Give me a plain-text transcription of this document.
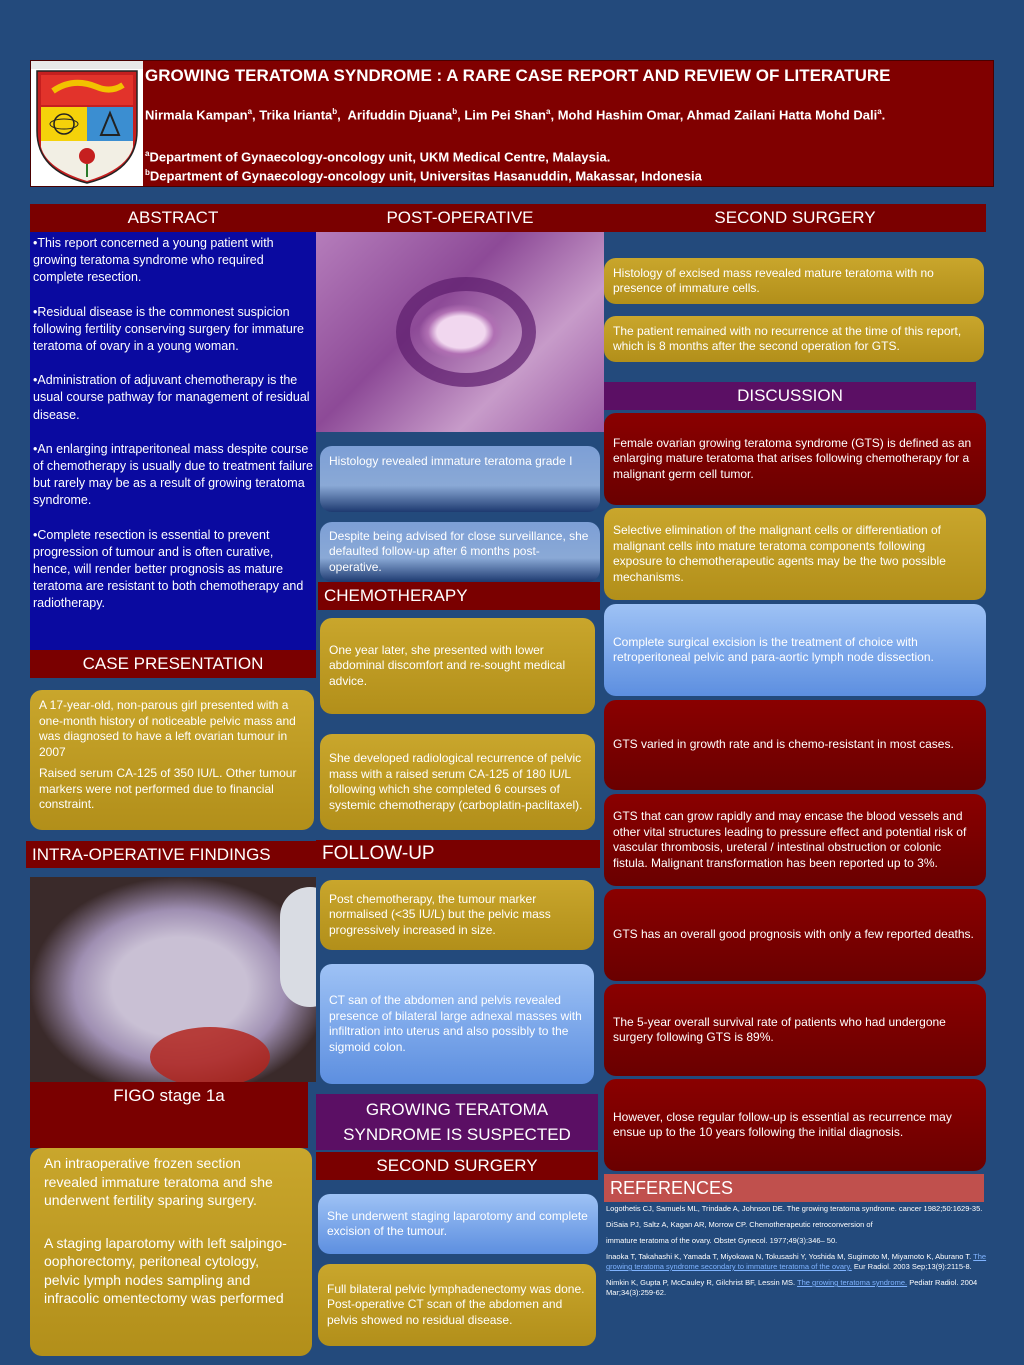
GROWING TERATOMA SYNDROME : A RARE CASE REPORT AND REVIEW OF LITERATURE
Nirmala Kampan$^a$, Trika Irianta$^b$,  Arifuddin Djuana$^b$, Lim Pei Shan$^a$, Mohd Hashim Omar, Ahmad Zailani Hatta Mohd Dali$^a$.
$^a$Department of Gynaecology-oncology unit, UKM Medical Centre, Malaysia.
$^b$Department of Gynaecology-oncology unit, Universitas Hasanuddin, Makassar, Indonesia
ABSTRACT

•This report concerned a young patient with growing teratoma syndrome who required complete resection.

•Residual disease is the commonest suspicion following fertility conserving surgery for immature teratoma of ovary in a young woman.

•Administration of adjuvant chemotherapy is the usual course pathway for management of residual disease.

•An enlarging intraperitoneal mass despite course of chemotherapy is usually due to treatment failure but rarely may be as a result of growing teratoma syndrome.

•Complete resection is essential to prevent progression of tumour and is often curative, hence, will render better prognosis as mature teratoma are resistant to both chemotherapy and radiotherapy.

CASE PRESENTATION

A 17-year-old, non-parous girl presented with a one-month history of noticeable pelvic mass and was diagnosed to have a left ovarian tumour in 2007

Raised serum CA-125 of 350 IU/L. Other tumour markers were not performed due to financial constraint.

INTRA-OPERATIVE FINDINGS
FIGO stage 1a

An intraoperative frozen section revealed immature teratoma and she underwent fertility sparing surgery.

A staging laparotomy with left salpingo-oophorectomy, peritoneal cytology, pelvic lymph nodes sampling and infracolic omentectomy was performed

POST-OPERATIVE
Histology revealed immature teratoma grade I
Despite being advised for close surveillance, she defaulted follow-up after 6 months post-operative.
CHEMOTHERAPY
One year later, she presented with lower abdominal discomfort and re-sought medical advice.
She developed radiological recurrence of pelvic mass with a raised serum CA-125 of 180 IU/L following which she completed 6 courses of systemic chemotherapy (carboplatin-paclitaxel).
FOLLOW-UP
Post chemotherapy, the tumour marker normalised (<35 IU/L) but the pelvic mass progressively increased in size.
CT san of the abdomen and pelvis revealed presence of bilateral large adnexal masses with infiltration into uterus and also possibly to the sigmoid colon.
GROWING TERATOMA SYNDROME IS SUSPECTED
SECOND SURGERY
She underwent staging laparotomy and complete excision of the tumour.
Full bilateral pelvic lymphadenectomy was done. Post-operative CT scan of the abdomen and pelvis showed no residual disease.
SECOND SURGERY
Histology of excised mass revealed mature teratoma with no presence of immature cells.
The patient remained with no recurrence at the time of this report, which is 8 months after the second operation for GTS.
DISCUSSION
Female ovarian growing teratoma syndrome (GTS) is defined as an enlarging mature teratoma that arises following chemotherapy for a malignant germ cell tumor.
Selective elimination of the malignant cells or differentiation of malignant cells into mature teratoma components following exposure to chemotherapeutic agents may be the two possible mechanisms.
Complete surgical excision is the treatment of choice with retroperitoneal pelvic and para-aortic lymph node dissection.
GTS varied in growth rate and is chemo-resistant in most cases.
GTS that can grow rapidly and may encase the blood vessels and other vital structures leading to pressure effect and potential risk of vascular thrombosis, ureteral / intestinal obstruction or colonic fistula. Malignant transformation has been reported up to 3%.
GTS has an overall good prognosis with only a few reported deaths.
The 5-year overall survival rate of patients who had undergone surgery following GTS is 89%.
However, close regular follow-up is essential as recurrence may ensue up to the 10 years following the initial diagnosis.
REFERENCES

Logothetis CJ, Samuels ML, Trindade A, Johnson DE. The growing teratoma syndrome. cancer 1982;50:1629-35.

DiSaia PJ, Saltz A, Kagan AR, Morrow CP. Chemotherapeutic retroconversion of

immature teratoma of the ovary. Obstet Gynecol. 1977;49(3):346– 50.

Inaoka T, Takahashi K, Yamada T, Miyokawa N, Tokusashi Y, Yoshida M, Sugimoto M, Miyamoto K, Aburano T. The growing teratoma syndrome secondary to immature teratoma of the ovary. Eur Radiol. 2003 Sep;13(9):2115-8.

Nimkin K, Gupta P, McCauley R, Gilchrist BF, Lessin MS. The growing teratoma syndrome. Pediatr Radiol. 2004 Mar;34(3):259-62.
